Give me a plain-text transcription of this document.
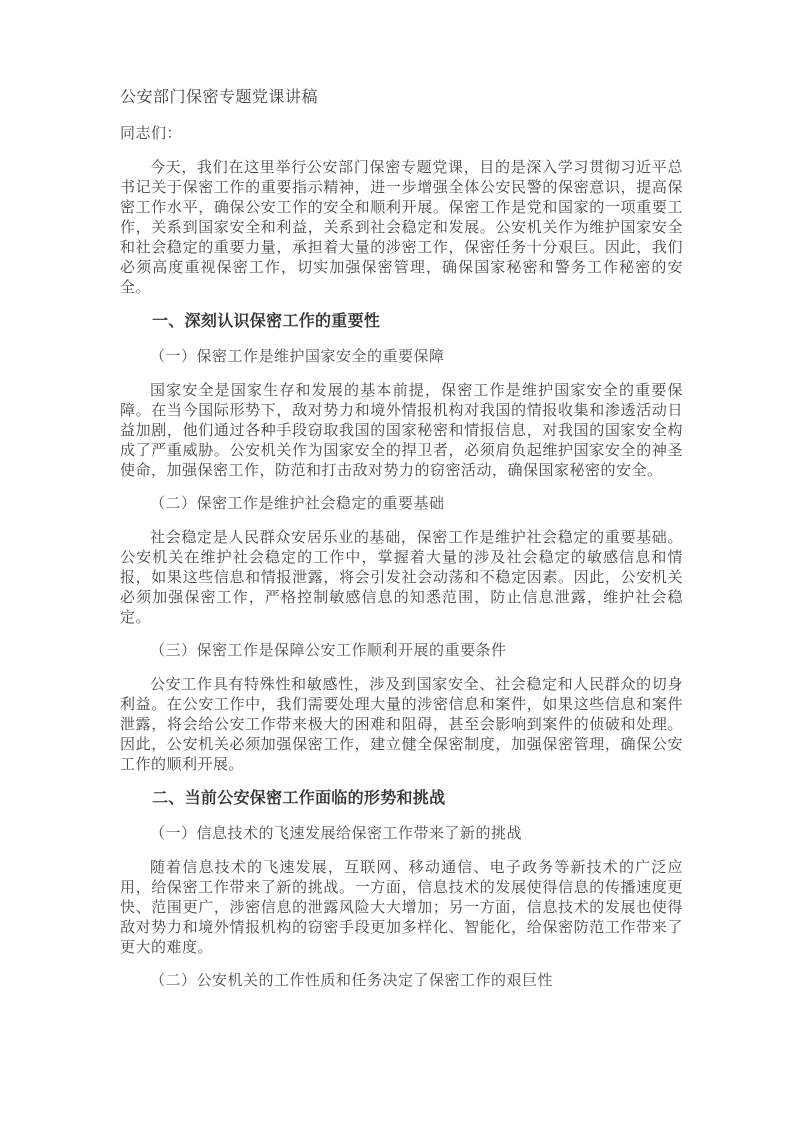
公安部门保密专题党课讲稿

同志们：

今天，我们在这里举行公安部门保密专题党课，目的是深入学习贯彻习近平总书记关于保密工作的重要指示精神，进一步增强全体公安民警的保密意识，提高保密工作水平，确保公安工作的安全和顺利开展。保密工作是党和国家的一项重要工作，关系到国家安全和利益，关系到社会稳定和发展。公安机关作为维护国家安全和社会稳定的重要力量，承担着大量的涉密工作，保密任务十分艰巨。因此，我们必须高度重视保密工作，切实加强保密管理，确保国家秘密和警务工作秘密的安全。

一、深刻认识保密工作的重要性

（一）保密工作是维护国家安全的重要保障

国家安全是国家生存和发展的基本前提，保密工作是维护国家安全的重要保障。在当今国际形势下，敌对势力和境外情报机构对我国的情报收集和渗透活动日益加剧，他们通过各种手段窃取我国的国家秘密和情报信息，对我国的国家安全构成了严重威胁。公安机关作为国家安全的捍卫者，必须肩负起维护国家安全的神圣使命，加强保密工作，防范和打击敌对势力的窃密活动，确保国家秘密的安全。

（二）保密工作是维护社会稳定的重要基础

社会稳定是人民群众安居乐业的基础，保密工作是维护社会稳定的重要基础。公安机关在维护社会稳定的工作中，掌握着大量的涉及社会稳定的敏感信息和情报，如果这些信息和情报泄露，将会引发社会动荡和不稳定因素。因此，公安机关必须加强保密工作，严格控制敏感信息的知悉范围，防止信息泄露，维护社会稳定。

（三）保密工作是保障公安工作顺利开展的重要条件

公安工作具有特殊性和敏感性，涉及到国家安全、社会稳定和人民群众的切身利益。在公安工作中，我们需要处理大量的涉密信息和案件，如果这些信息和案件泄露，将会给公安工作带来极大的困难和阻碍，甚至会影响到案件的侦破和处理。因此，公安机关必须加强保密工作，建立健全保密制度，加强保密管理，确保公安工作的顺利开展。

二、当前公安保密工作面临的形势和挑战

（一）信息技术的飞速发展给保密工作带来了新的挑战

随着信息技术的飞速发展，互联网、移动通信、电子政务等新技术的广泛应用，给保密工作带来了新的挑战。一方面，信息技术的发展使得信息的传播速度更快、范围更广，涉密信息的泄露风险大大增加；另一方面，信息技术的发展也使得敌对势力和境外情报机构的窃密手段更加多样化、智能化，给保密防范工作带来了更大的难度。

（二）公安机关的工作性质和任务决定了保密工作的艰巨性
